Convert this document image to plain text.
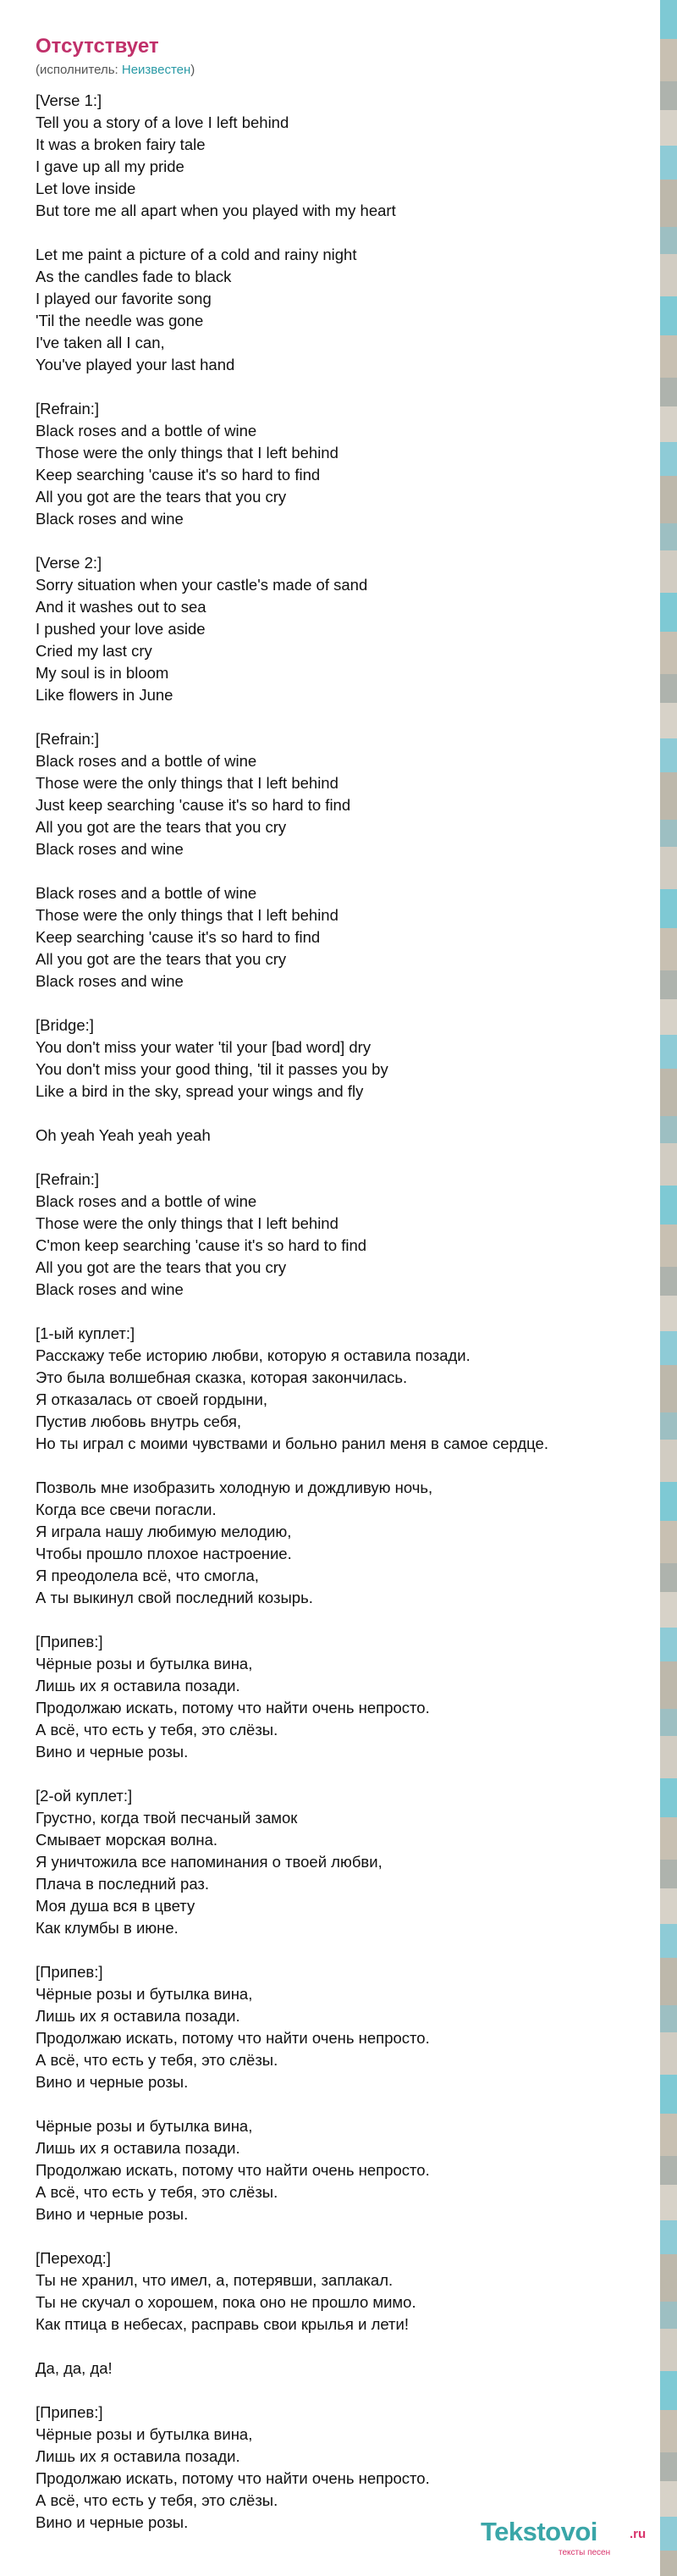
Отсутствует
(исполнитель: Неизвестен)
[Verse 1:]
Tell you a story of a love I left behind
It was a broken fairy tale
I gave up all my pride
Let love inside
But tore me all apart when you played with my heart

Let me paint a picture of a cold and rainy night
As the candles fade to black
I played our favorite song
'Til the needle was gone
I've taken all I can,
You've played your last hand

[Refrain:]
Black roses and a bottle of wine
Those were the only things that I left behind
Keep searching 'cause it's so hard to find
All you got are the tears that you cry
Black roses and wine

[Verse 2:]
Sorry situation when your castle's made of sand
And it washes out to sea
I pushed your love aside
Cried my last cry
My soul is in bloom
Like flowers in June

[Refrain:]
Black roses and a bottle of wine
Those were the only things that I left behind
Just keep searching 'cause it's so hard to find
All you got are the tears that you cry
Black roses and wine

Black roses and a bottle of wine
Those were the only things that I left behind
Keep searching 'cause it's so hard to find
All you got are the tears that you cry
Black roses and wine

[Bridge:]
You don't miss your water 'til your [bad word] dry
You don't miss your good thing, 'til it passes you by
Like a bird in the sky, spread your wings and fly

Oh yeah Yeah yeah yeah

[Refrain:]
Black roses and a bottle of wine
Those were the only things that I left behind
C'mon keep searching 'cause it's so hard to find
All you got are the tears that you cry
Black roses and wine

[1-ый куплет:]
Расскажу тебе историю любви, которую я оставила позади.
Это была волшебная сказка, которая закончилась.
Я отказалась от своей гордыни,
Пустив любовь внутрь себя,
Но ты играл с моими чувствами и больно ранил меня в самое сердце.

Позволь мне изобразить холодную и дождливую ночь,
Когда все свечи погасли.
Я играла нашу любимую мелодию,
Чтобы прошло плохое настроение.
Я преодолела всё, что смогла,
А ты выкинул свой последний козырь.

[Припев:]
Чёрные розы и бутылка вина,
Лишь их я оставила позади.
Продолжаю искать, потому что найти очень непросто.
А всё, что есть у тебя, это слёзы.
Вино и черные розы.

[2-ой куплет:]
Грустно, когда твой песчаный замок
Смывает морская волна.
Я уничтожила все напоминания о твоей любви,
Плача в последний раз.
Моя душа вся в цвету
Как клумбы в июне.

[Припев:]
Чёрные розы и бутылка вина,
Лишь их я оставила позади.
Продолжаю искать, потому что найти очень непросто.
А всё, что есть у тебя, это слёзы.
Вино и черные розы.

Чёрные розы и бутылка вина,
Лишь их я оставила позади.
Продолжаю искать, потому что найти очень непросто.
А всё, что есть у тебя, это слёзы.
Вино и черные розы.

[Переход:]
Ты не хранил, что имел, а, потерявши, заплакал.
Ты не скучал о хорошем, пока оно не прошло мимо.
Как птица в небесах, расправь свои крылья и лети!

Да, да, да!

[Припев:]
Чёрные розы и бутылка вина,
Лишь их я оставила позади.
Продолжаю искать, потому что найти очень непросто.
А всё, что есть у тебя, это слёзы.
Вино и черные розы.	Tekstovoi	.ru
тексты песен
